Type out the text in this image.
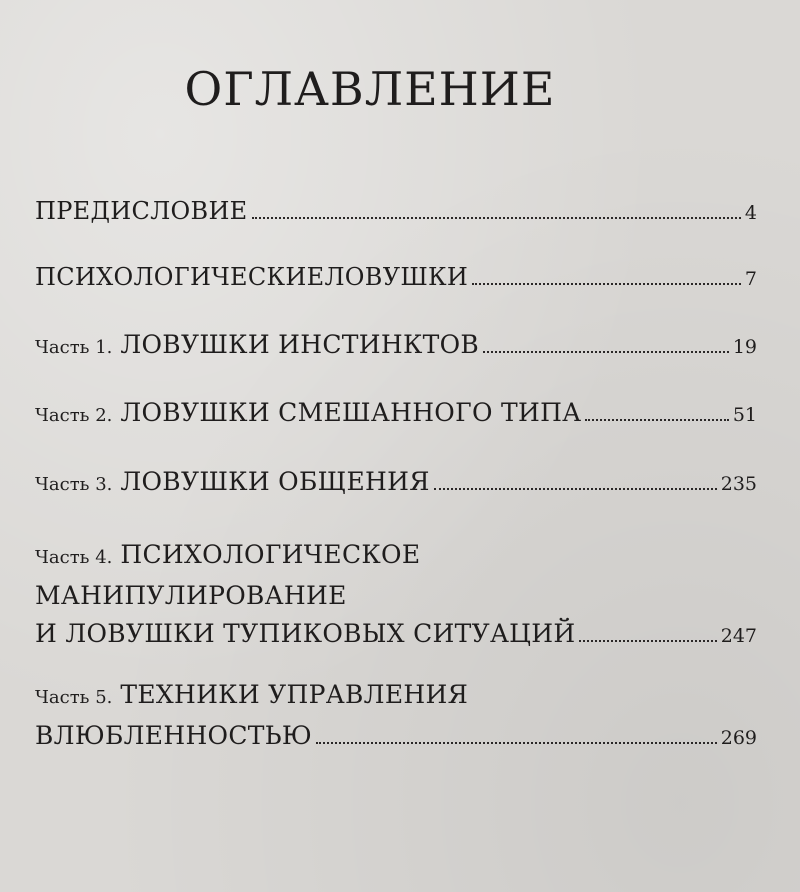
ОГЛАВЛЕНИЕ
ПРЕДИСЛОВИЕ	4
ПСИХОЛОГИЧЕСКИЕЛОВУШКИ	7
Часть 1. ЛОВУШКИ ИНСТИНКТОВ	19
Часть 2. ЛОВУШКИ СМЕШАННОГО ТИПА	51
Часть 3. ЛОВУШКИ ОБЩЕНИЯ	235
Часть 4. ПСИХОЛОГИЧЕСКОЕ
МАНИПУЛИРОВАНИЕ
И ЛОВУШКИ ТУПИКОВЫХ СИТУАЦИЙ	247
Часть 5. ТЕХНИКИ УПРАВЛЕНИЯ
ВЛЮБЛЕННОСТЬЮ	269
